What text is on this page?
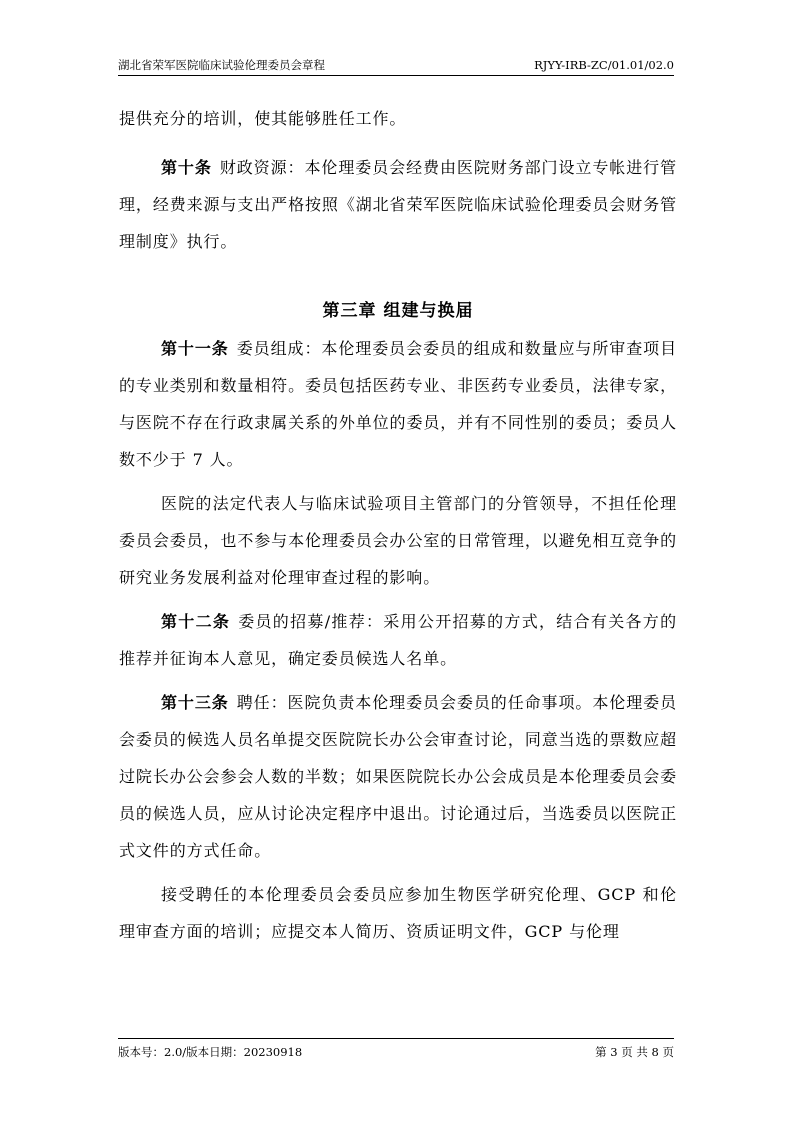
湖北省荣军医院临床试验伦理委员会章程	RJYY-IRB-ZC/01.01/02.0

提供充分的培训，使其能够胜任工作。

第十条 财政资源：本伦理委员会经费由医院财务部门设立专帐进行管理，经费来源与支出严格按照《湖北省荣军医院临床试验伦理委员会财务管理制度》执行。

第三章 组建与换届

第十一条 委员组成：本伦理委员会委员的组成和数量应与所审查项目的专业类别和数量相符。委员包括医药专业、非医药专业委员，法律专家，与医院不存在行政隶属关系的外单位的委员，并有不同性别的委员；委员人数不少于 7 人。

医院的法定代表人与临床试验项目主管部门的分管领导，不担任伦理委员会委员，也不参与本伦理委员会办公室的日常管理，以避免相互竞争的研究业务发展利益对伦理审查过程的影响。

第十二条 委员的招募/推荐：采用公开招募的方式，结合有关各方的推荐并征询本人意见，确定委员候选人名单。

第十三条 聘任：医院负责本伦理委员会委员的任命事项。本伦理委员会委员的候选人员名单提交医院院长办公会审查讨论，同意当选的票数应超过院长办公会参会人数的半数；如果医院院长办公会成员是本伦理委员会委员的候选人员，应从讨论决定程序中退出。讨论通过后，当选委员以医院正式文件的方式任命。

接受聘任的本伦理委员会委员应参加生物医学研究伦理、GCP 和伦理审查方面的培训；应提交本人简历、资质证明文件，GCP 与伦理

版本号：2.0/版本日期：20230918	第 3 页 共 8 页
